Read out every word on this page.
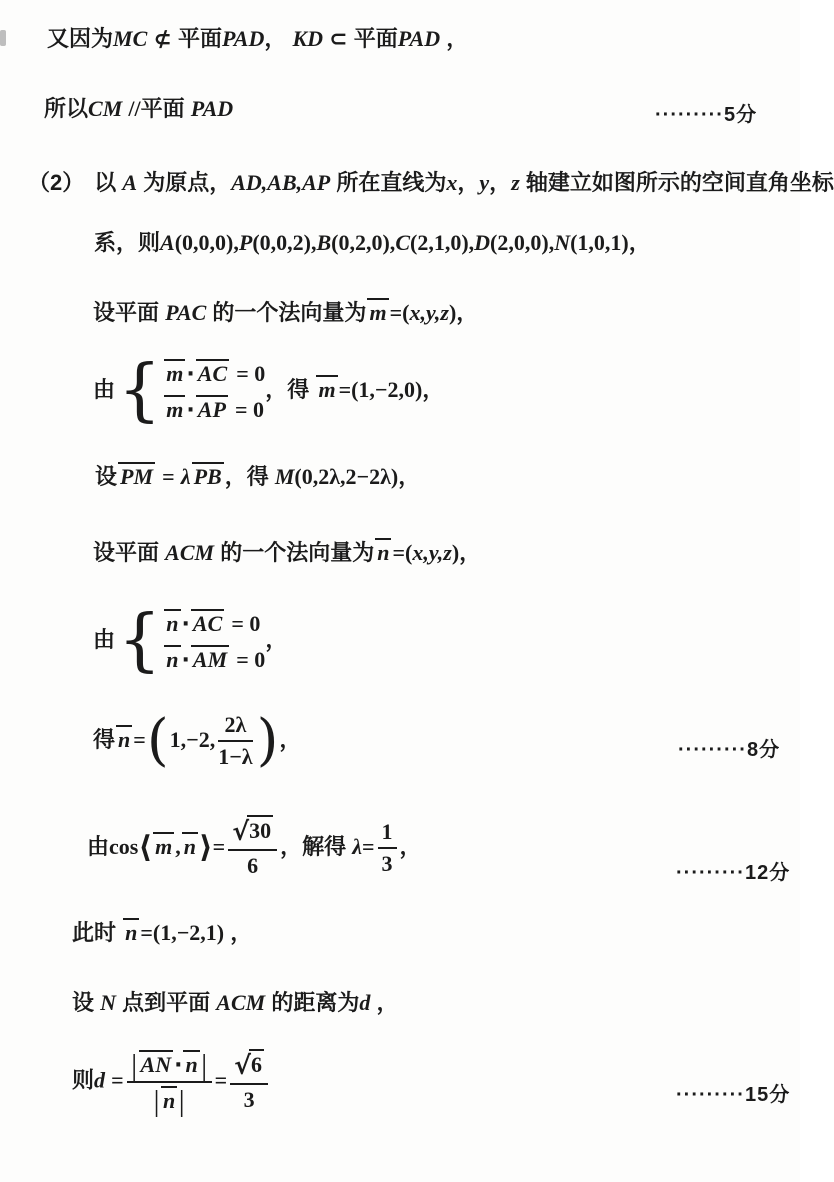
又因为MC ⊄ 平面PAD， KD ⊂ 平面PAD ，
所以CM //平面 PAD	·········5分
（2） 以 A 为原点，AD,AB,AP 所在直线为x，y，z 轴建立如图所示的空间直角坐标
系，则A(0,0,0),P(0,0,2),B(0,2,0),C(2,1,0),D(2,0,0),N(1,0,1)，
设平面 PAC 的一个法向量为 m =(x,y,z)，
由{ m · AC = 0
m · AP = 0
，得 m =(1,−2,0)，
设 PM = λ PB ，得 M(0,2λ,2−2λ)，
设平面 ACM 的一个法向量为 n =(x,y,z)，
由{ n · AC = 0
n · AM = 0
，
得 n =(1,−2, $\frac{2\lambda}{1-\lambda}$ )，	·········8分
由cos⟨ m , n ⟩= $\frac{√30}{6}$ ，解得 $\lambda= \frac{1}{3}$ ，
·········12分
此时 n =(1,−2,1) ，
设 N 点到平面 ACM 的距离为d ，
则$d = \frac{| AN \cdot n |}{| n |} = \frac{√6}{3}$	·········15分
